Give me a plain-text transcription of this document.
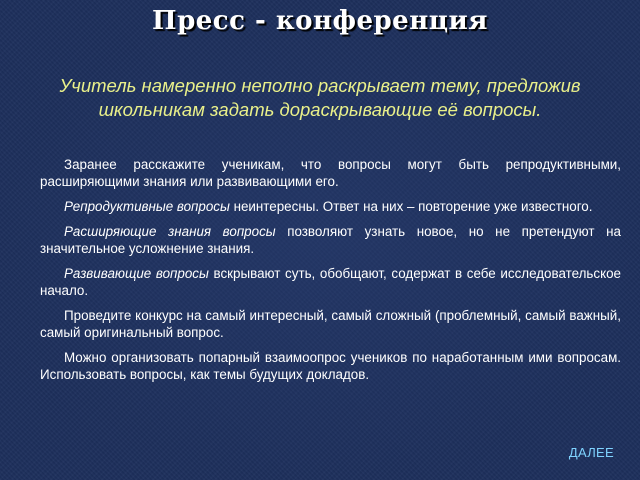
Пресс - конференция
Учитель намеренно неполно раскрывает тему, предложив школьникам задать дораскрывающие её вопросы.

Заранее расскажите ученикам, что вопросы могут быть репродуктивными, расширяющими знания или развивающими его.

Репродуктивные вопросы неинтересны. Ответ на них – повторение уже известного.

Расширяющие знания вопросы позволяют узнать новое, но не претендуют на значительное усложнение знания.

Развивающие вопросы вскрывают суть, обобщают, содержат в себе исследовательское начало.

Проведите конкурс на самый интересный, самый сложный (проблемный, самый важный, самый оригинальный вопрос.

Можно организовать попарный взаимоопрос учеников по наработанным ими вопросам. Использовать вопросы, как темы будущих докладов.

ДАЛЕЕ
